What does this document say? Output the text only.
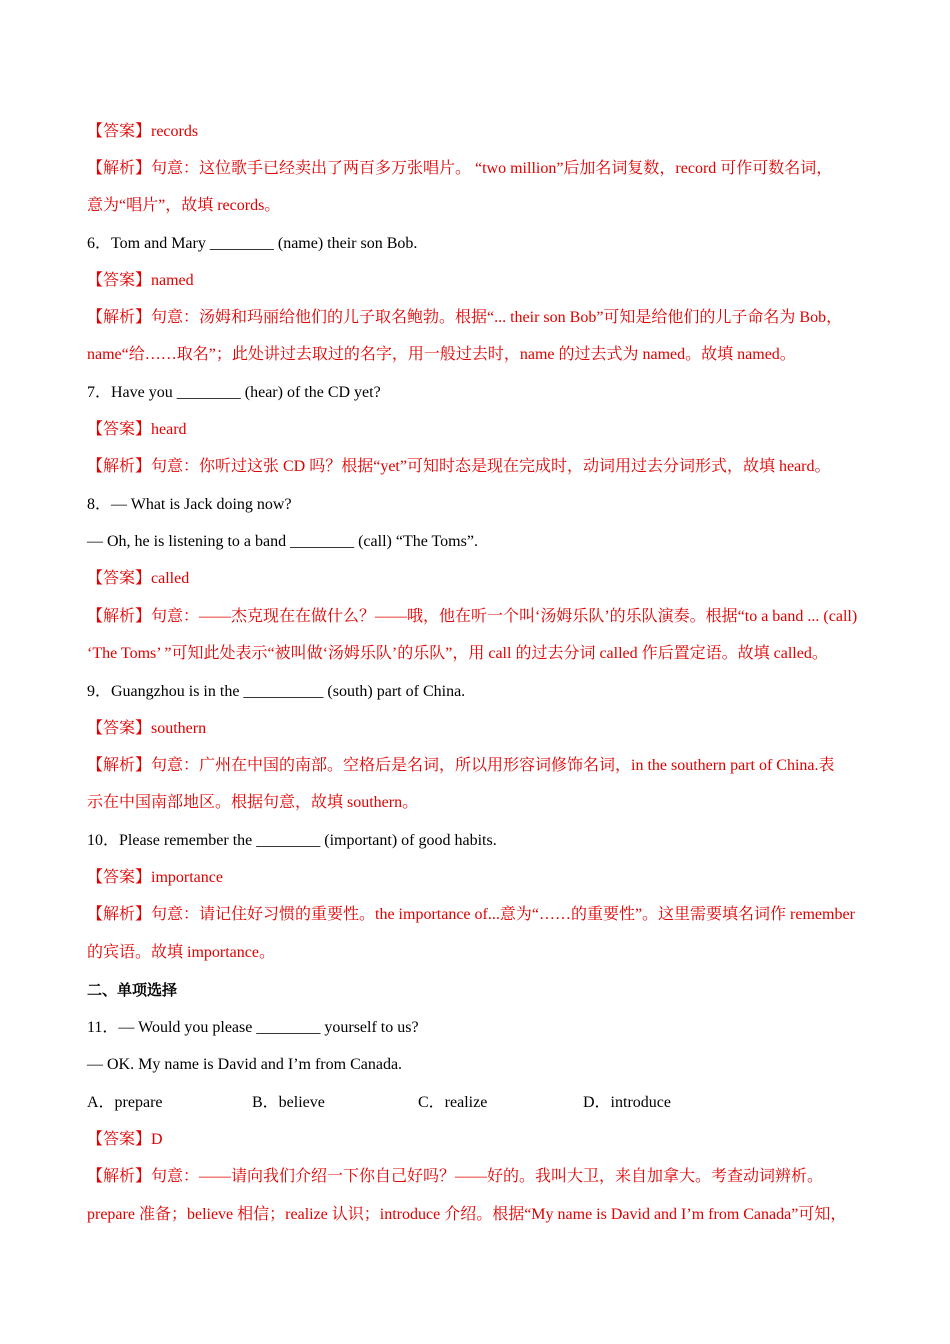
【答案】records
【解析】句意：这位歌手已经卖出了两百多万张唱片。 “two million”后加名词复数，record 可作可数名词，
意为“唱片”，故填 records。
6．Tom and Mary ________ (name) their son Bob.
【答案】named
【解析】句意：汤姆和玛丽给他们的儿子取名鲍勃。根据“... their son Bob”可知是给他们的儿子命名为 Bob，
name“给……取名”；此处讲过去取过的名字，用一般过去时，name 的过去式为 named。故填 named。
7．Have you ________ (hear) of the CD yet?
【答案】heard
【解析】句意：你听过这张 CD 吗？根据“yet”可知时态是现在完成时，动词用过去分词形式，故填 heard。
8．— What is Jack doing now?
— Oh, he is listening to a band ________ (call) “The Toms”.
【答案】called
【解析】句意：——杰克现在在做什么？——哦，他在听一个叫‘汤姆乐队’的乐队演奏。根据“to a band ... (call)
‘The Toms’ ”可知此处表示“被叫做‘汤姆乐队’的乐队”，用 call 的过去分词 called 作后置定语。故填 called。
9．Guangzhou is in the __________ (south) part of China.
【答案】southern
【解析】句意：广州在中国的南部。空格后是名词，所以用形容词修饰名词，in the southern part of China.表
示在中国南部地区。根据句意，故填 southern。
10．Please remember the ________ (important) of good habits.
【答案】importance
【解析】句意：请记住好习惯的重要性。the importance of...意为“……的重要性”。这里需要填名词作 remember
的宾语。故填 importance。
二、单项选择
11．— Would you please ________ yourself to us?
— OK. My name is David and I’m from Canada.
A．prepare	B．believe	C．realize	D．introduce
【答案】D
【解析】句意：——请向我们介绍一下你自己好吗？——好的。我叫大卫，来自加拿大。考查动词辨析。
prepare 准备；believe 相信；realize 认识；introduce 介绍。根据“My name is David and I’m from Canada”可知，
